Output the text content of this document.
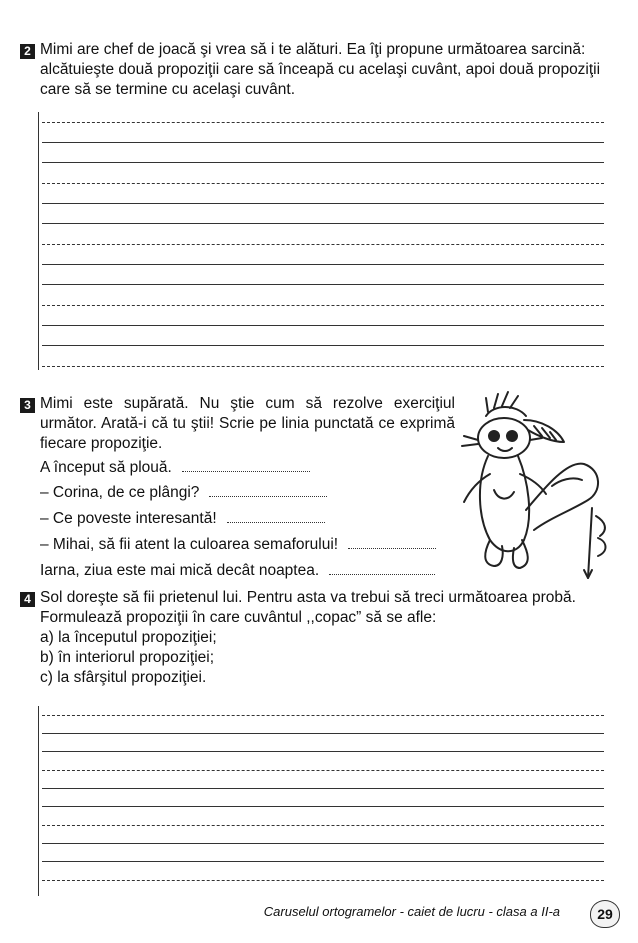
2 Mimi are chef de joacă şi vrea să i te alături. Ea îţi propune următoarea sarcină:

alcătuieşte două propoziţii care să înceapă cu acelaşi cuvânt, apoi două propoziţii

care să se termine cu acelaşi cuvânt.

3 Mimi este supărată. Nu ştie cum să rezolve exerciţiul

următor. Arată-i că tu ştii! Scrie pe linia punctată ce exprimă

fiecare propoziţie.

A început să plouă.
– Corina, de ce plângi?
– Ce poveste interesantă!
– Mihai, să fii atent la culoarea semaforului!
Iarna, ziua este mai mică decât noaptea.
4 Sol doreşte să fii prietenul lui. Pentru asta va trebui să treci următoarea probă.

Formulează propoziţii în care cuvântul ,,copac” să se afle:

a) la începutul propoziţiei;

b) în interiorul propoziţiei;

c) la sfârşitul propoziţiei.

Caruselul ortogramelor - caiet de lucru - clasa a II-a	29
